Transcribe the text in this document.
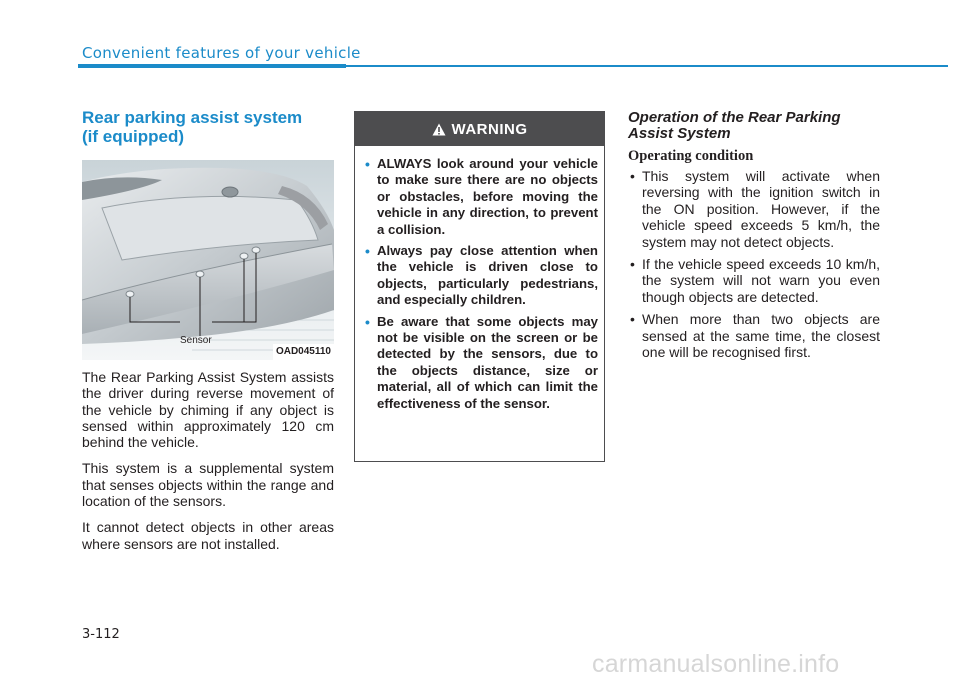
Convenient features of your vehicle
Rear parking assist system
(if equipped)
Sensor
OAD045110

The Rear Parking Assist System assists the driver during reverse movement of the vehicle by chiming if any object is sensed within approximately 120 cm behind the vehicle.

This system is a supplemental system that senses objects within the range and location of the sensors.

It cannot detect objects in other areas where sensors are not installed.

WARNING
• ALWAYS look around your vehicle to make sure there are no objects or obstacles, before moving the vehicle in any direction, to prevent a collision.
• Always pay close attention when the vehicle is driven close to objects, particularly pedestrians, and especially children.
• Be aware that some objects may not be visible on the screen or be detected by the sensors, due to the objects distance, size or material, all of which can limit the effectiveness of the sensor.
Operation of the Rear Parking
Assist System
Operating condition
• This system will activate when reversing with the ignition switch in the ON position. However, if the vehicle speed exceeds 5 km/h, the system may not detect objects.
• If the vehicle speed exceeds 10 km/h, the system will not warn you even though objects are detected.
• When more than two objects are sensed at the same time, the closest one will be recognised first.
3-112
carmanualsonline.info
